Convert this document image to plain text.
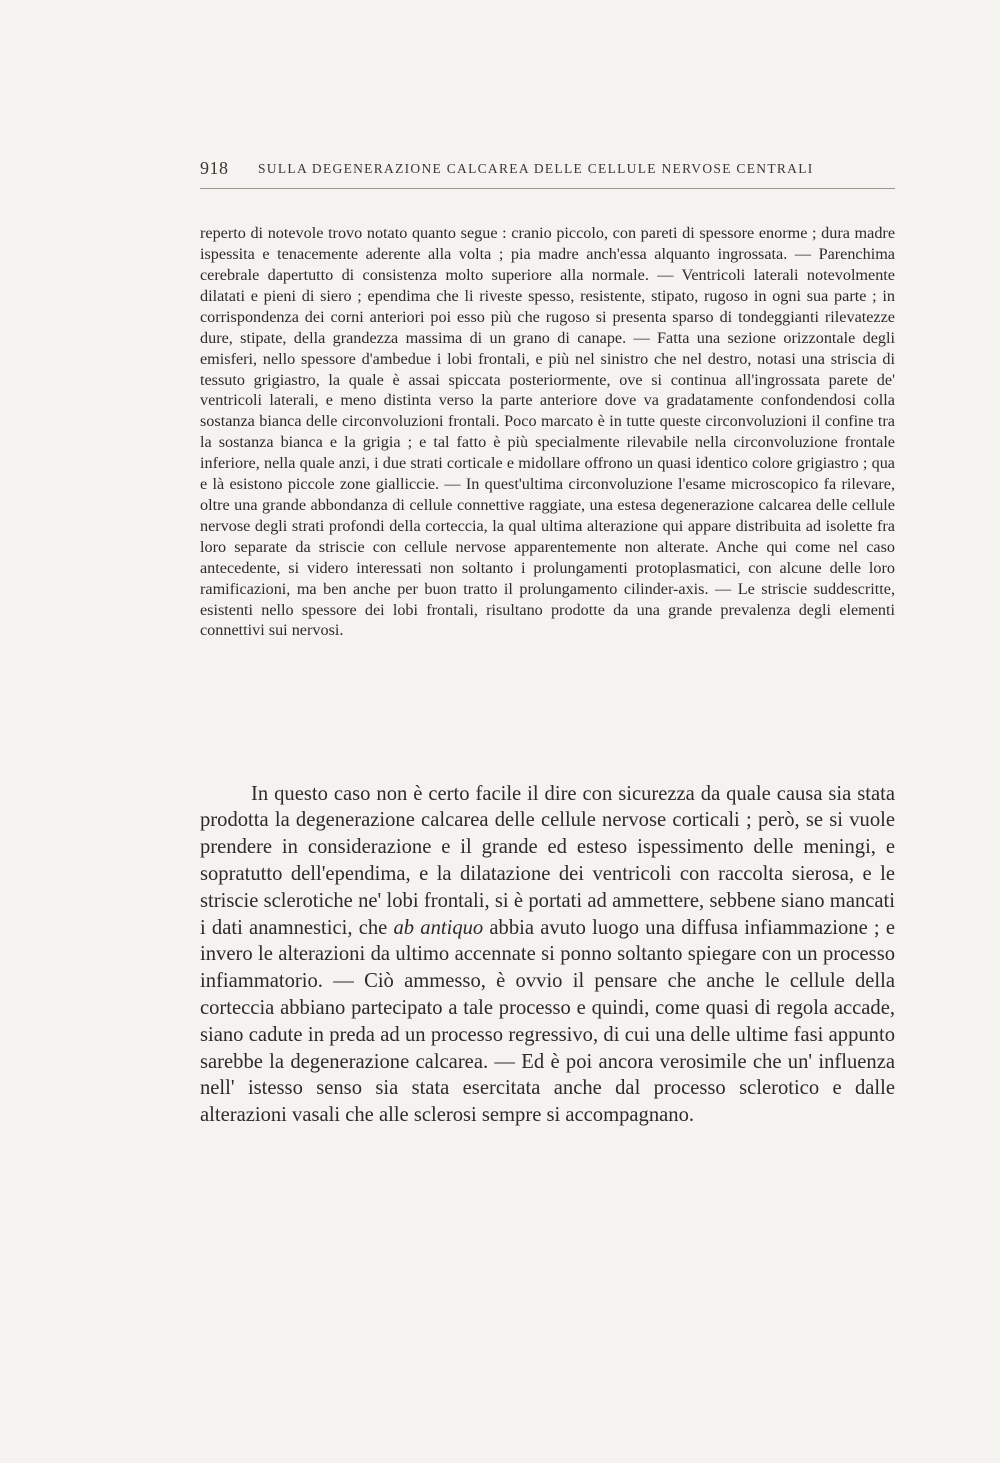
918 SULLA DEGENERAZIONE CALCAREA DELLE CELLULE NERVOSE CENTRALI

reperto di notevole trovo notato quanto segue : cranio piccolo, con pareti di spessore enorme ; dura madre ispessita e tenacemente aderente alla volta ; pia madre anch'essa alquanto ingrossata. — Parenchima cerebrale dapertutto di consistenza molto superiore alla normale. — Ventricoli laterali notevolmente dilatati e pieni di siero ; ependima che li riveste spesso, resistente, stipato, rugoso in ogni sua parte ; in corrispondenza dei corni anteriori poi esso più che rugoso si presenta sparso di tondeggianti rilevatezze dure, stipate, della grandezza massima di un grano di canape. — Fatta una sezione orizzontale degli emisferi, nello spessore d'ambedue i lobi frontali, e più nel sinistro che nel destro, notasi una striscia di tessuto grigiastro, la quale è assai spiccata posteriormente, ove si continua all'ingrossata parete de' ventricoli laterali, e meno distinta verso la parte anteriore dove va gradatamente confondendosi colla sostanza bianca delle circonvoluzioni frontali. Poco marcato è in tutte queste circonvoluzioni il confine tra la sostanza bianca e la grigia ; e tal fatto è più specialmente rilevabile nella circonvoluzione frontale inferiore, nella quale anzi, i due strati corticale e midollare offrono un quasi identico colore grigiastro ; qua e là esistono piccole zone gialliccie. — In quest'ultima circonvoluzione l'esame microscopico fa rilevare, oltre una grande abbondanza di cellule connettive raggiate, una estesa degenerazione calcarea delle cellule nervose degli strati profondi della corteccia, la qual ultima alterazione qui appare distribuita ad isolette fra loro separate da striscie con cellule nervose apparentemente non alterate. Anche qui come nel caso antecedente, si videro interessati non soltanto i prolungamenti protoplasmatici, con alcune delle loro ramificazioni, ma ben anche per buon tratto il prolungamento cilinder-axis. — Le striscie suddescritte, esistenti nello spessore dei lobi frontali, risultano prodotte da una grande prevalenza degli elementi connettivi sui nervosi.

In questo caso non è certo facile il dire con sicurezza da quale causa sia stata prodotta la degenerazione calcarea delle cellule nervose corticali ; però, se si vuole prendere in considerazione e il grande ed esteso ispessimento delle meningi, e sopratutto dell'ependima, e la dilatazione dei ventricoli con raccolta sierosa, e le striscie sclerotiche ne' lobi frontali, si è portati ad ammettere, sebbene siano mancati i dati anamnestici, che ab antiquo abbia avuto luogo una diffusa infiammazione ; e invero le alterazioni da ultimo accennate si ponno soltanto spiegare con un processo infiammatorio. — Ciò ammesso, è ovvio il pensare che anche le cellule della corteccia abbiano partecipato a tale processo e quindi, come quasi di regola accade, siano cadute in preda ad un processo regressivo, di cui una delle ultime fasi appunto sarebbe la degenerazione calcarea. — Ed è poi ancora verosimile che un' influenza nell' istesso senso sia stata esercitata anche dal processo sclerotico e dalle alterazioni vasali che alle sclerosi sempre si accompagnano.
